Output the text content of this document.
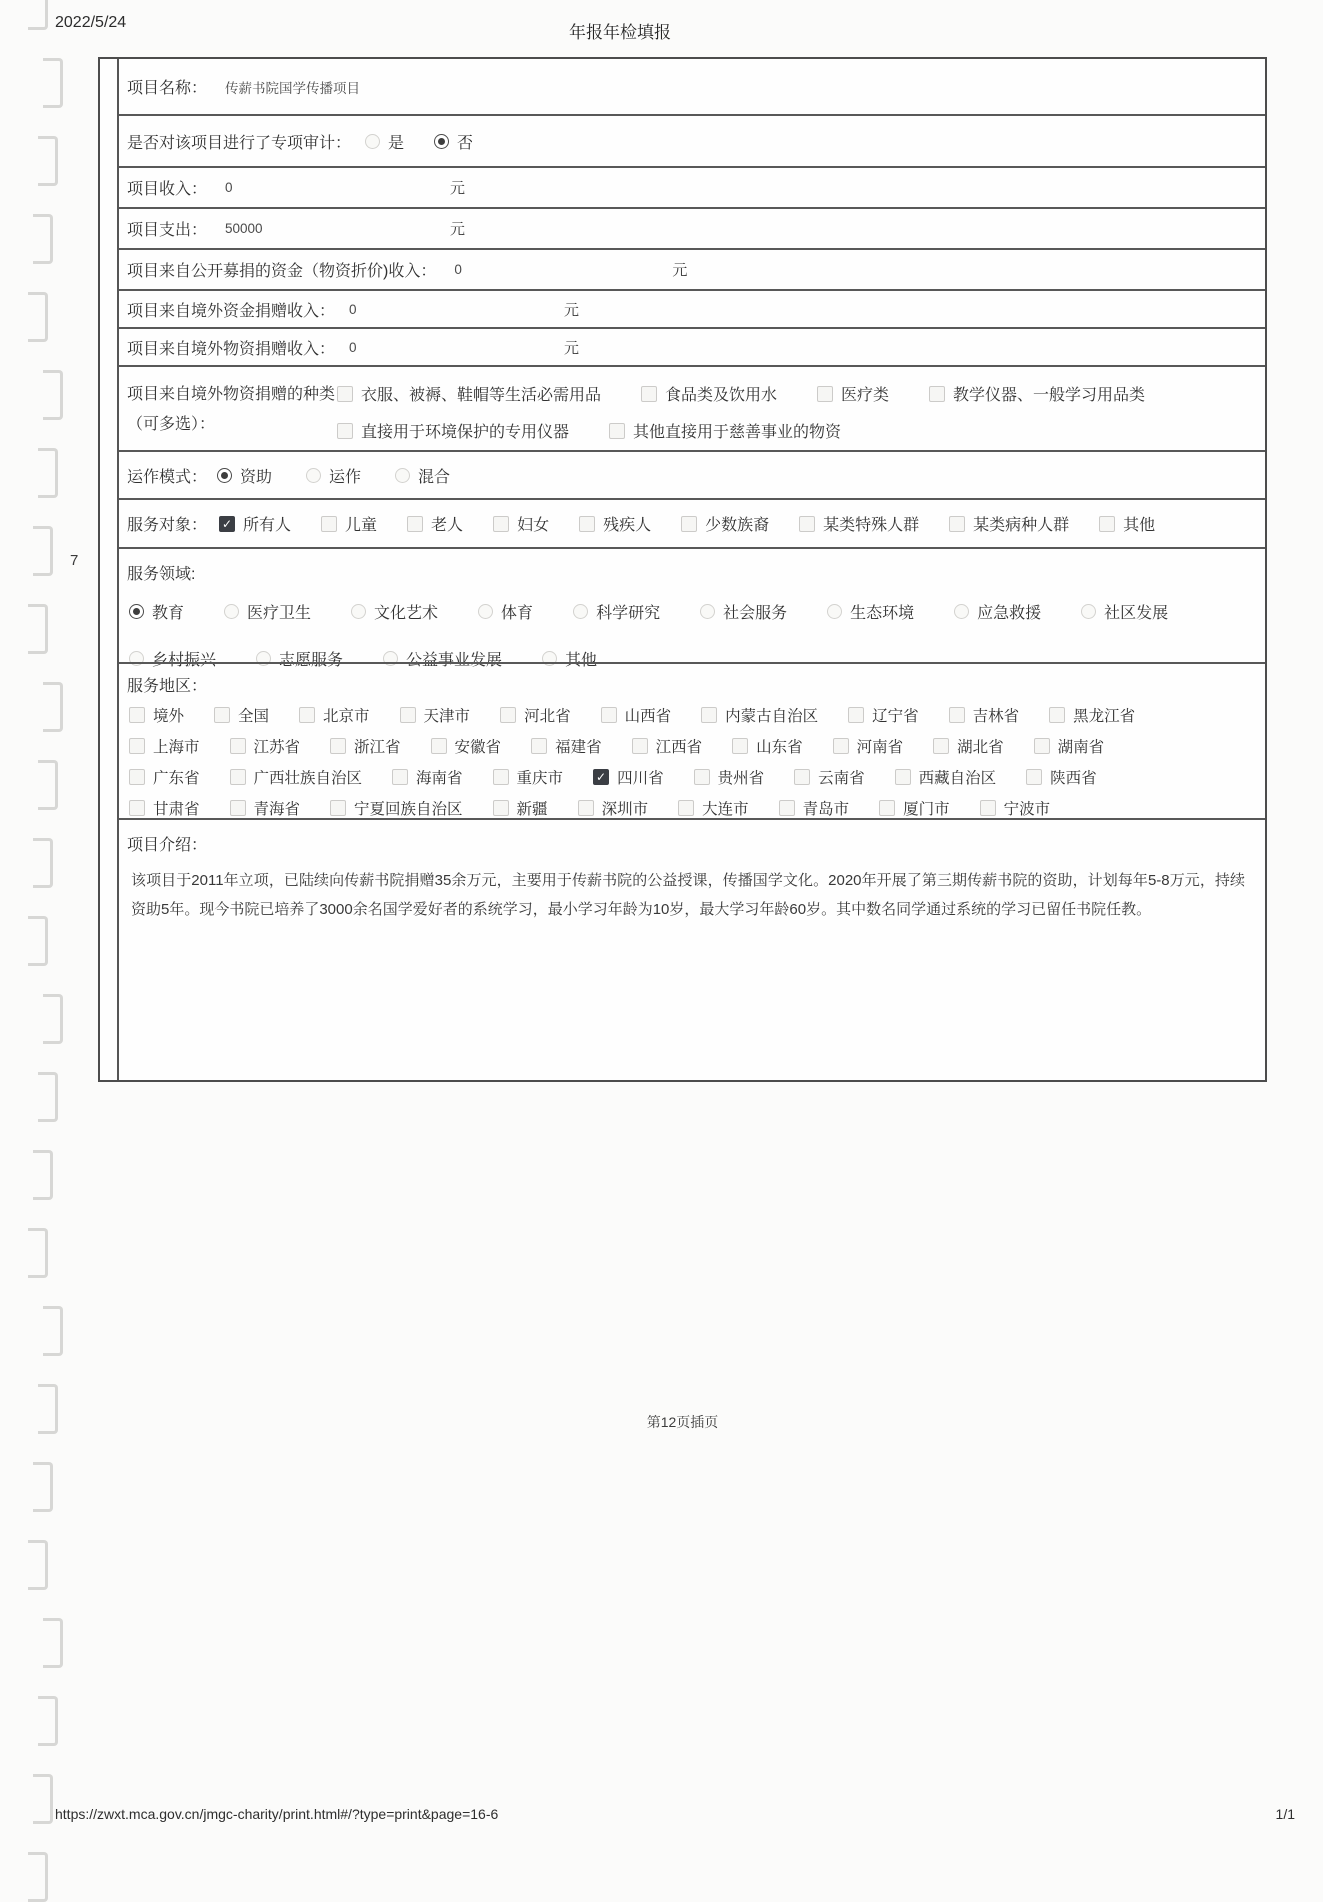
2022/5/24
年报年检填报
7
项目名称： 传薪书院国学传播项目
是否对该项目进行了专项审计： 是	否
项目收入： 0	元
项目支出： 50000	元
项目来自公开募捐的资金（物资折价)收入： 0	元
项目来自境外资金捐赠收入： 0	元
项目来自境外物资捐赠收入： 0	元
项目来自境外物资捐赠的种类（可多选）：
衣服、被褥、鞋帽等生活必需用品	食品类及饮用水	医疗类	教学仪器、一般学习用品类
直接用于环境保护的专用仪器	其他直接用于慈善事业的物资
运作模式： 资助	运作	混合
服务对象： ✓ 所有人	儿童	老人	妇女	残疾人	少数族裔	某类特殊人群	某类病种人群	其他
服务领域:
教育	医疗卫生	文化艺术	体育	科学研究	社会服务	生态环境	应急救援	社区发展
乡村振兴	志愿服务	公益事业发展	其他
服务地区：
境外	全国	北京市	天津市	河北省	山西省	内蒙古自治区	辽宁省	吉林省	黑龙江省
上海市	江苏省	浙江省	安徽省	福建省	江西省	山东省	河南省	湖北省	湖南省
广东省	广西壮族自治区	海南省	重庆市	✓ 四川省	贵州省	云南省	西藏自治区	陕西省
甘肃省	青海省	宁夏回族自治区	新疆	深圳市	大连市	青岛市	厦门市	宁波市
项目介绍：
该项目于2011年立项，已陆续向传薪书院捐赠35余万元，主要用于传薪书院的公益授课，传播国学文化。2020年开展了第三期传薪书院的资助，计划每年5-8万元，持续资助5年。现今书院已培养了3000余名国学爱好者的系统学习，最小学习年龄为10岁，最大学习年龄60岁。其中数名同学通过系统的学习已留任书院任教。
第12页插页
https://zwxt.mca.gov.cn/jmgc-charity/print.html#/?type=print&page=16-6	1/1
